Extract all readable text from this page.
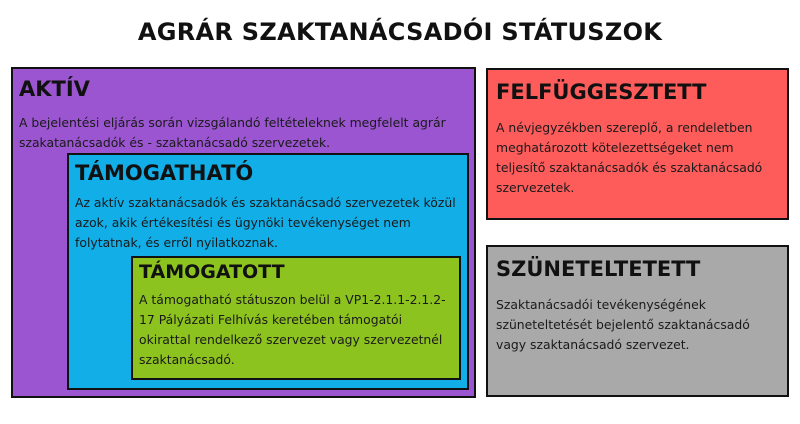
AGRÁR SZAKTANÁCSADÓI STÁTUSZOK
AKTÍV

A bejelentési eljárás során vizsgálandó feltételeknek megfelelt agrár szakatanácsadók és - szaktanácsadó szervezetek.

TÁMOGATHATÓ

Az aktív szaktanácsadók és szaktanácsadó szervezetek közül azok, akik értékesítési és ügynöki tevékenységet nem folytatnak, és erről nyilatkoznak.

TÁMOGATOTT

A támogatható státuszon belül a VP1-2.1.1-2.1.2-17 Pályázati Felhívás keretében támogatói okirattal rendelkező szervezet vagy szervezetnél szaktanácsadó.

FELFÜGGESZTETT

A névjegyzékben szereplő, a rendeletben meghatározott kötelezettségeket nem teljesítő szaktanácsadók és szaktanácsadó szervezetek.

SZÜNETELTETETT

Szaktanácsadói tevékenységének szüneteltetését bejelentő szaktanácsadó vagy szaktanácsadó szervezet.
